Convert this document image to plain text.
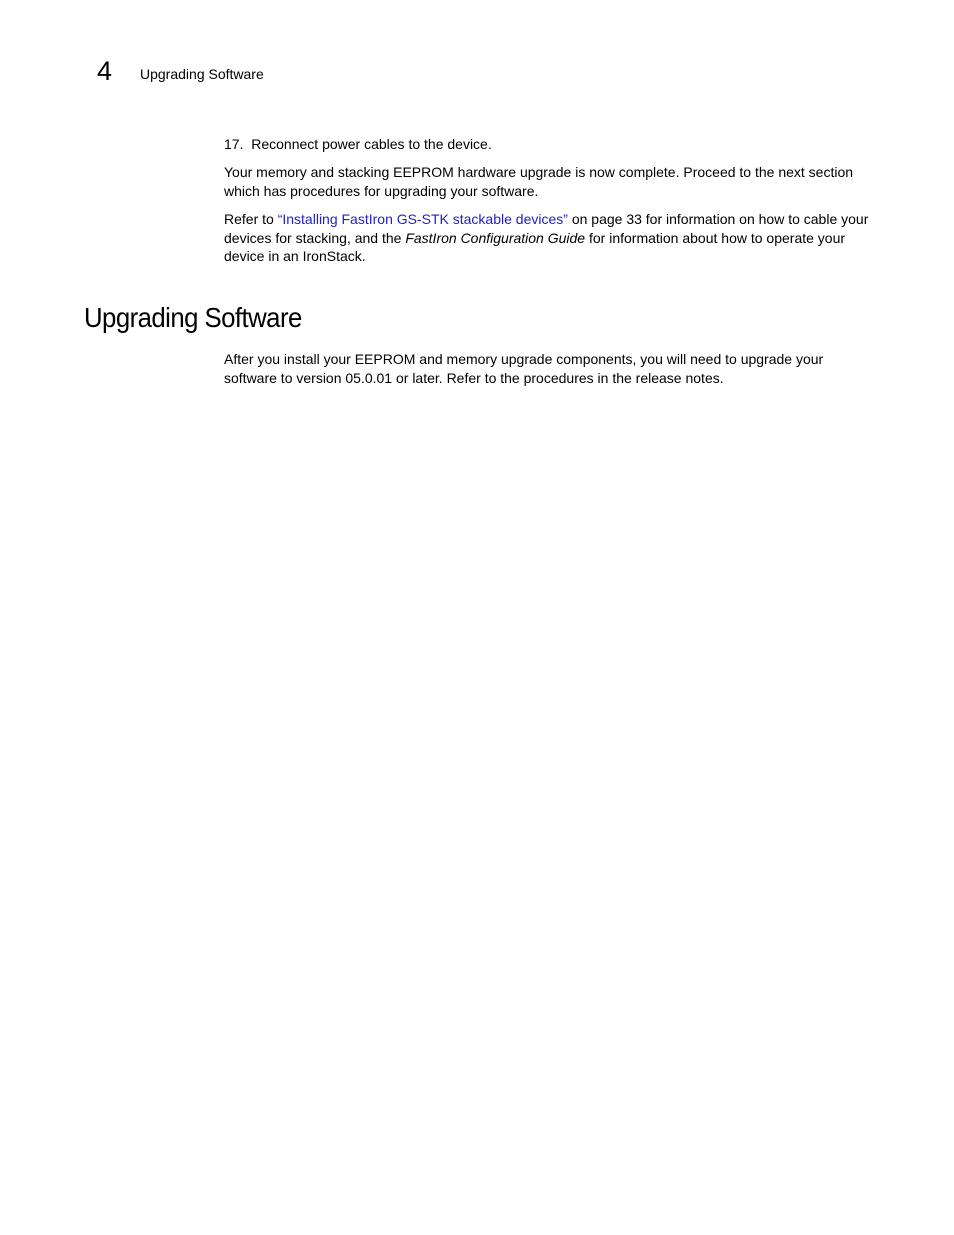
4 Upgrading Software

17. Reconnect power cables to the device.

Your memory and stacking EEPROM hardware upgrade is now complete. Proceed to the next section which has procedures for upgrading your software.

Refer to “Installing FastIron GS-STK stackable devices” on page 33 for information on how to cable your devices for stacking, and the FastIron Configuration Guide for information about how to operate your device in an IronStack.

Upgrading Software

After you install your EEPROM and memory upgrade components, you will need to upgrade your software to version 05.0.01 or later. Refer to the procedures in the release notes.
